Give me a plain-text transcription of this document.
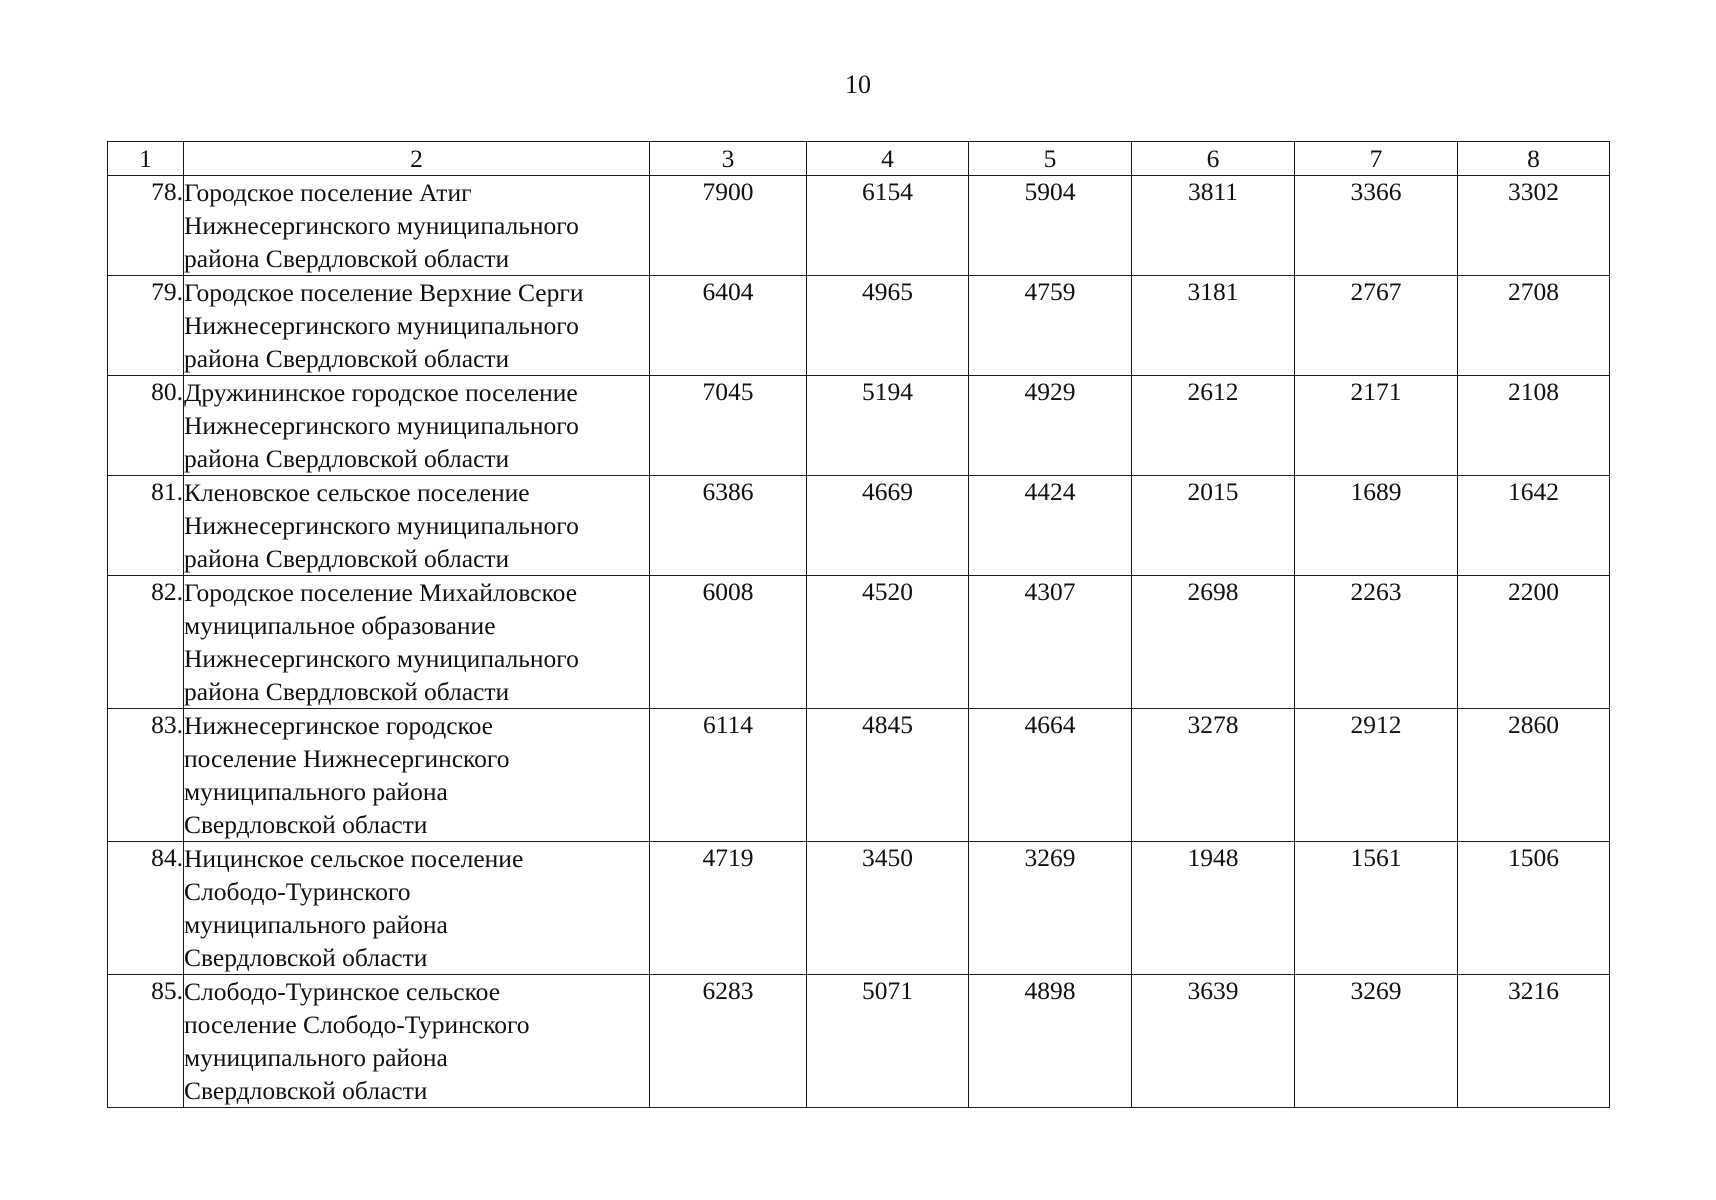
10
1	2	3	4	5	6	7	8
78.	Городское поселение Атиг
Нижнесергинского муниципального
района Свердловской области	7900	6154	5904	3811	3366	3302
79.	Городское поселение Верхние Серги
Нижнесергинского муниципального
района Свердловской области	6404	4965	4759	3181	2767	2708
80.	Дружининское городское поселение
Нижнесергинского муниципального
района Свердловской области	7045	5194	4929	2612	2171	2108
81.	Кленовское сельское поселение
Нижнесергинского муниципального
района Свердловской области	6386	4669	4424	2015	1689	1642
82.	Городское поселение Михайловское
муниципальное образование
Нижнесергинского муниципального
района Свердловской области	6008	4520	4307	2698	2263	2200
83.	Нижнесергинское городское
поселение Нижнесергинского
муниципального района
Свердловской области	6114	4845	4664	3278	2912	2860
84.	Ницинское сельское поселение
Слободо-Туринского
муниципального района
Свердловской области	4719	3450	3269	1948	1561	1506
85.	Слободо-Туринское сельское
поселение Слободо-Туринского
муниципального района
Свердловской области	6283	5071	4898	3639	3269	3216
